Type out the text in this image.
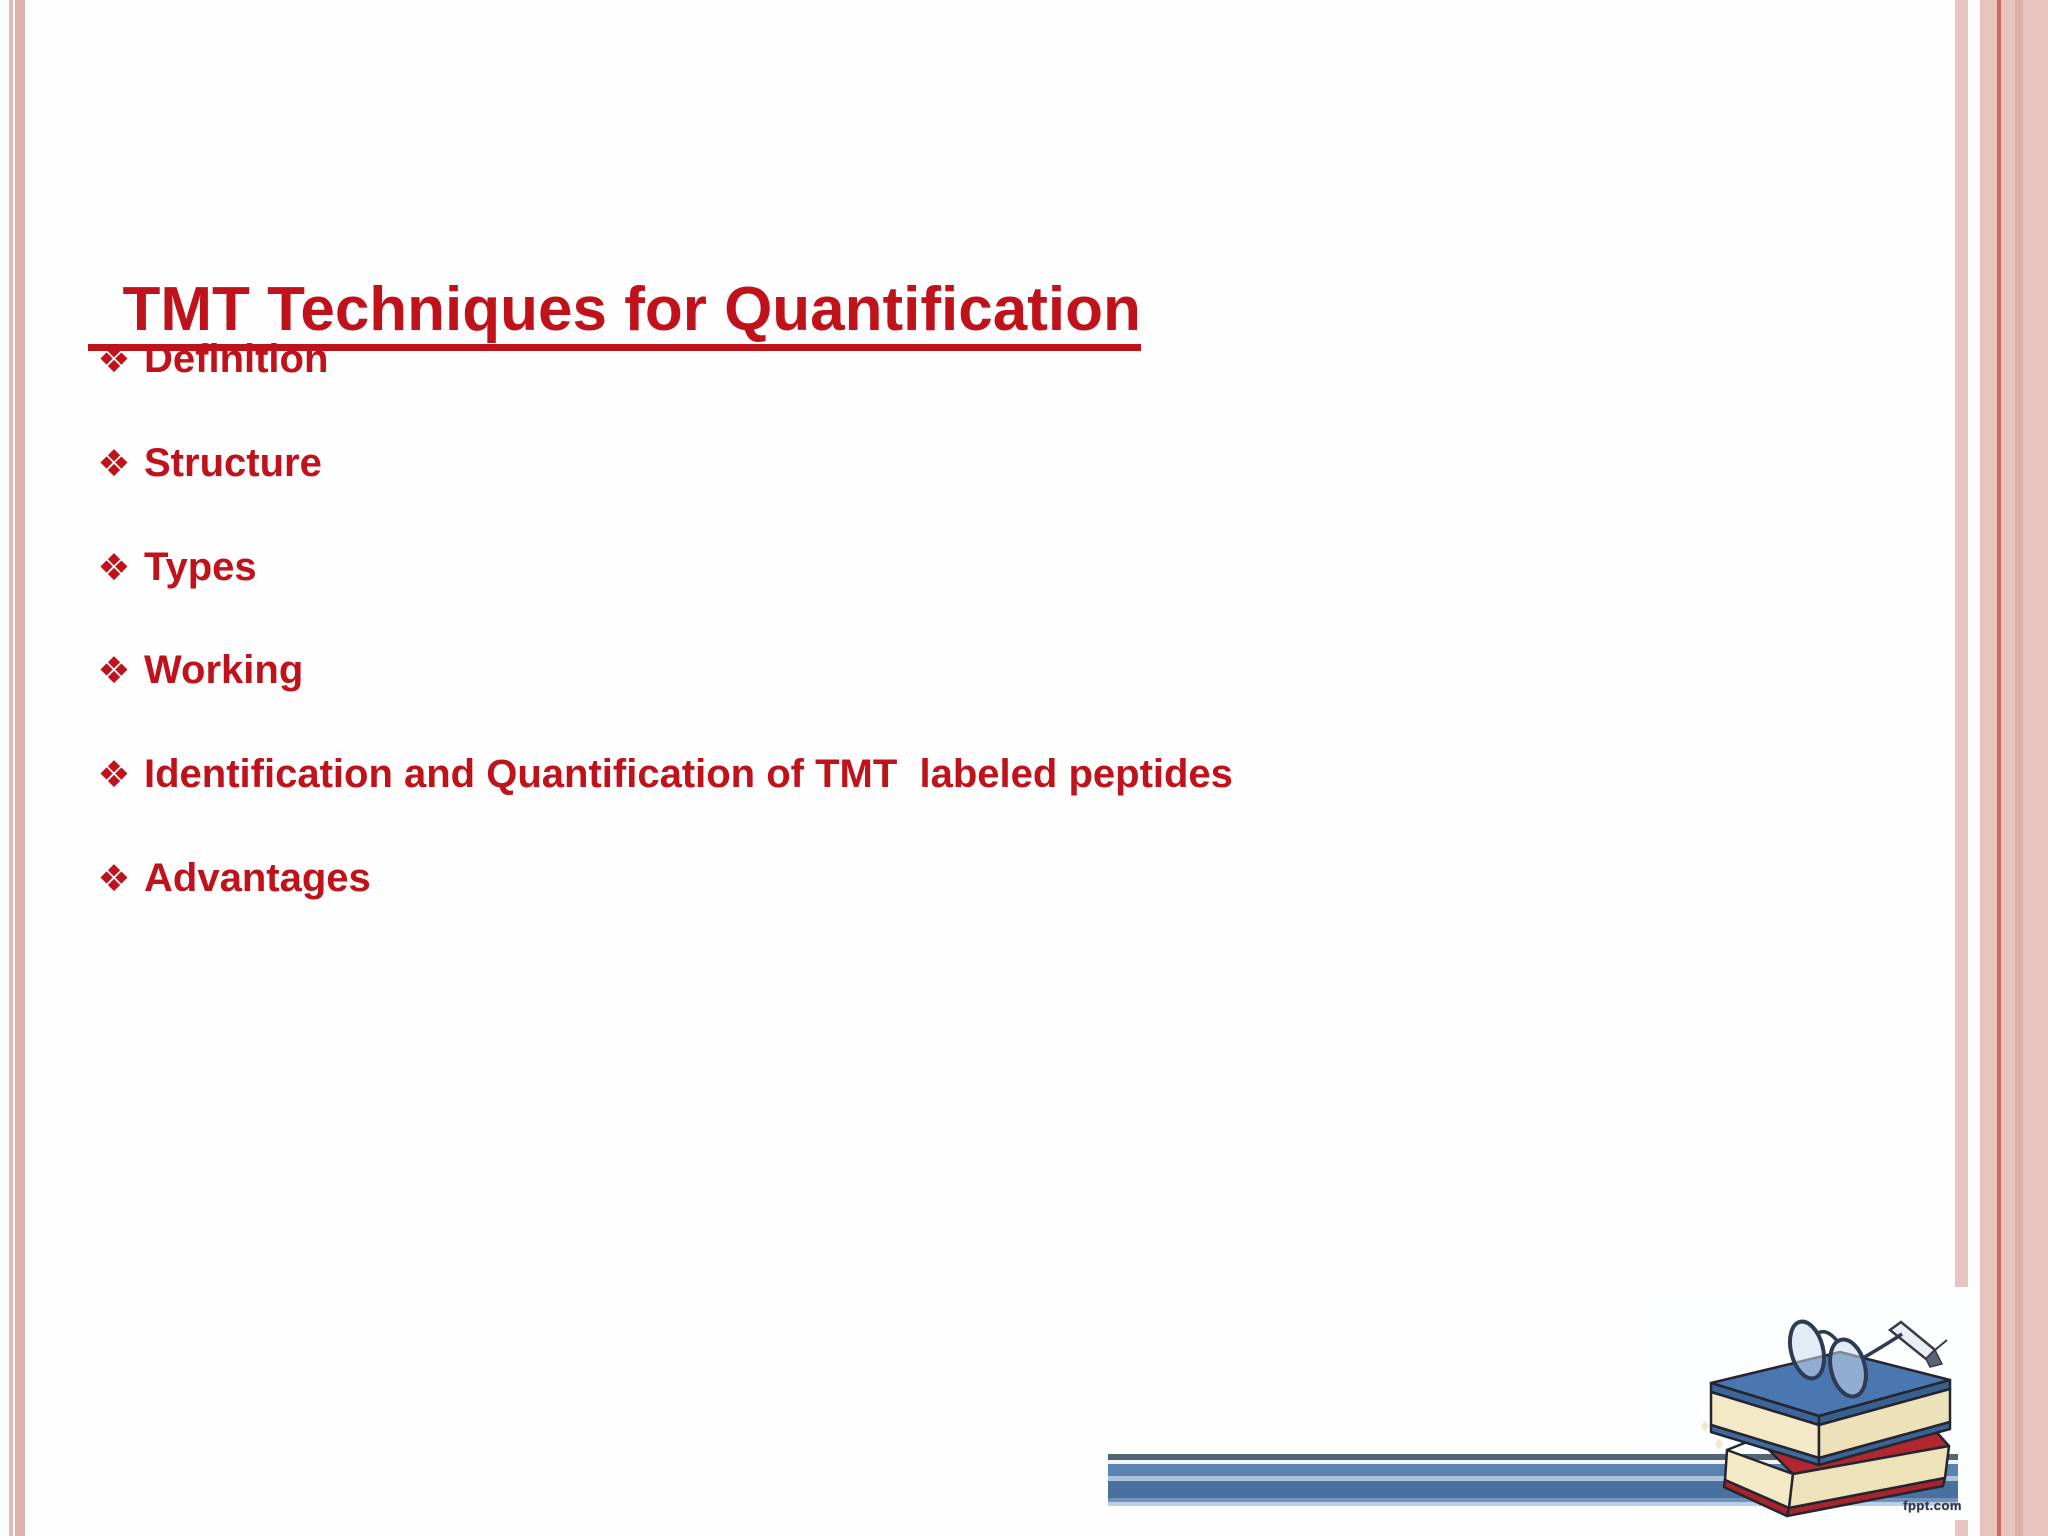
TMT Techniques for Quantification

❖ Definition
❖ Structure
❖ Types
❖ Working
❖ Identification and Quantification of TMT  labeled peptides
❖ Advantages
fppt.com
